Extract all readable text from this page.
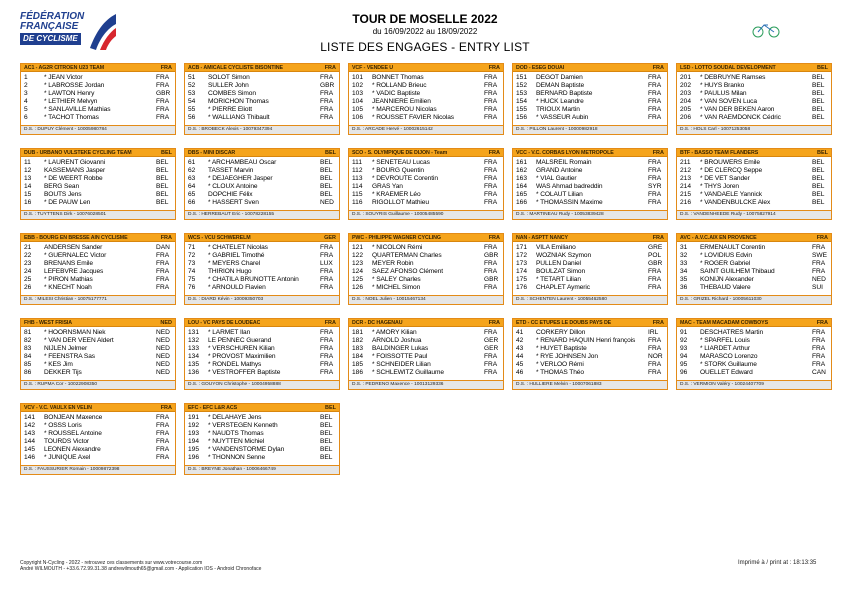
FÉDÉRATION
FRANÇAISE
DE CYCLISME
TOUR DE MOSELLE 2022
du 16/09/2022 au 18/09/2022
LISTE DES ENGAGES - ENTRY LIST
AC1 - AG2R CITROEN U23 TEAM	FRA
1	* JEAN Victor	FRA
2	* LABROSSE Jordan	FRA
3	* LAWTON Henry	GBR
4	* LETHIER Melvyn	FRA
5	* SANLAVILLE Mathias	FRA
6	* TACHOT Thomas	FRA
D.S. : DUPUY Clément - 10005980784
ACB - AMICALE CYCLISTE BISONTINE	FRA
51	SOLOT Simon	FRA
52	SULLER John	GBR
53	COMBES Simon	FRA
54	MORICHON Thomas	FRA
55	* PIERRE Eliott	FRA
56	* WALLIANG Thibault	FRA
D.S. : BROBECK Alexis - 10079347394
VCF - VENDÉE U	FRA
101	BONNET Thomas	FRA
102	* ROLLAND Brieuc	FRA
103	* VADIC Baptiste	FRA
104	JEANNIERE Emilien	FRA
105	* MARCEROU Nicolas	FRA
106	* ROUSSET FAVIER Nicolas	FRA
D.S. : ARCADE Hervé - 10002615142
DOD - ESEG DOUAI	FRA
151	DEGOT Damien	FRA
152	DEMAN Baptiste	FRA
153	BERNARD Baptiste	FRA
154	* HUCK Leandre	FRA
155	TRIOUX Martin	FRA
156	* VASSEUR Aubin	FRA
D.S. : PILLON Laurent - 10000982918
LSD - LOTTO SOUDAL DEVELOPMENT	BEL
201	* DEBRUYNE Ramses	BEL
202	* HUYS Branko	BEL
203	* PAULUS Milan	BEL
204	* VAN SOVEN Luca	BEL
205	* VAN DER BEKEN Aaron	BEL
206	* VAN RAEMDONCK Cédric	BEL
D.S. : HOLS Carl - 10071253058
DUB - URBANO VULSTEKE CYCLING TEAM	BEL
11	* LAURENT Giovanni	BEL
12	KASSEMANS Jasper	BEL
13	* DE WEERT Robbe	BEL
14	BERG Sean	BEL
15	BOUTS Jens	BEL
16	* DE PAUW Len	BEL
D.S. : TUYTTENS Dirk - 10076028501
DBS - MINI DISCAR	BEL
61	* ARCHAMBEAU Oscar	BEL
62	TASSET Marvin	BEL
63	* DEJAEGHER Jasper	BEL
64	* CLOUX Antoine	BEL
65	DOPCHIE Félix	BEL
66	* HASSERT Sven	NED
D.S. : HERREBAUT Eric - 10078228155
SCO - S. OLYMPIQUE DE DIJON - Team	FRA
111	* SENETEAU Lucas	FRA
112	* BOURG Quentin	FRA
113	* DEVROUTE Corentin	FRA
114	GRAS Yan	FRA
115	* KRAEMER Léo	FRA
116	RIGOLLOT Mathieu	FRA
D.S. : SOUYRIS Guillaume - 10005485590
VCC - V.C. CORBAS LYON METROPOLE	FRA
161	MALSREIL Romain	FRA
162	GRAND Antoine	FRA
163	* VIAL Gautier	FRA
164	WAS Ahmad badreddin	SYR
165	* COLAUT Lilian	FRA
166	* THOMASSIN Maxime	FRA
D.S. : MARTINEAU Rudy - 10053839428
BTF - BASSO TEAM FLANDERS	BEL
211	* BROUWERS Emile	BEL
212	* DE CLERCQ Seppe	BEL
213	* DE VET Sander	BEL
214	* THYS Joren	BEL
215	* VANDAELE Yannick	BEL
216	* VANDENBULCKE Alex	BEL
D.S. : VANDENHEEDE Rudy - 10075827914
EBB - BOURG EN BRESSE AIN CYCLISME	FRA
21	ANDERSEN Sander	DAN
22	* GUERNALEC Victor	FRA
23	BRENANS Emile	FRA
24	LEFEBVRE Jacques	FRA
25	* PIRON Mathias	FRA
26	* KNECHT Noah	FRA
D.S. : MILESI Christian - 10075177771
WCS - VCU SCHWERELM	GER
71	* CHATELET Nicolas	FRA
72	* GABRIEL Timothé	FRA
73	* MEYERS Charel	LUX
74	THIRION Hugo	FRA
75	* CHATILA BRUNOTTE Antonin	FRA
76	* ARNOULD Flavien	FRA
D.S. : DIARD Kévin - 10009350703
PWC - PHILIPPE WAGNER CYCLING	FRA
121	* NICOLON Rémi	FRA
122	QUARTERMAN Charles	GBR
123	MEYER Robin	FRA
124	SAEZ AFONSO Clément	FRA
125	* SALEY Charles	GBR
126	* MICHEL Simon	FRA
D.S. : NOEL Julien - 10015467134
NAN - ASPTT NANCY	FRA
171	VILA Emiliano	GRE
172	WOZNIAK Szymon	POL
173	PULLEN Daniel	GBR
174	BOULZAT Simon	FRA
175	* TETART Lilian	FRA
176	CHAPLET Aymeric	FRA
D.S. : SCHENTEN Laurent - 10055462580
AVC - A.V.C.AIX EN PROVENCE	FRA
31	ERMENAULT Corentin	FRA
32	* LOVIDIUS Edvin	SWE
33	* ROGER Gabriel	FRA
34	SAINT GUILHEM Thibaud	FRA
35	KONIJN Alexander	NED
36	THEBAUD Valere	SUI
D.S. : GRIZEL Richard - 10005611030
FHB - WEST FRISIA	NED
81	* HOORNSMAN Niek	NED
82	* VAN DER VEEN Aldert	NED
83	NIJLEN Jelmer	NED
84	* FEENSTRA Sas	NED
85	* KES Jim	NED
86	DEKKER Tijs	NED
D.S. : RUPMA Cor - 10022908350
LOU - VC PAYS DE LOUDEAC	FRA
131	* LARMET Ilan	FRA
132	LE PENNEC Guerand	FRA
133	* VERSCHUREN Kilian	FRA
134	* PROVOST Maximilien	FRA
135	* RONDEL Mathys	FRA
136	* VESTROFFER Baptiste	FRA
D.S. : GOUYON Christophe - 10004958888
DCR - DC HAGENAU	FRA
181	* AMORY Kilian	FRA
182	ARNOLD Joshua	GER
183	BALDINGER Lukas	GER
184	* FOISSOTTE Paul	FRA
185	* SCHNEIDER Lilian	FRA
186	* SCHLEWITZ Guillaume	FRA
D.S. : PEDRENO Maxence - 10013129336
ETD - CC ETUPES LE DOUBS PAYS DE	FRA
41	CORKERY Dillon	IRL
42	* RENARD HAQUIN Henri françois	FRA
43	* HUYET Baptiste	FRA
44	* RYE JOHNSEN Jon	NOR
45	* VERLOO Rémi	FRA
46	* THOMAS Théo	FRA
D.S. : HULLIERE Melvin - 10007061883
MAC - TEAM MACADAM COWBOYS	FRA
91	DESCHATRES Martin	FRA
92	* SPARFEL Louis	FRA
93	* LIARDET Arthur	FRA
94	MARASCO Lorenzo	FRA
95	* STORK Guillaume	FRA
96	OUELLET Edward	CAN
D.S. : VERMION Valéry - 10024407709
VCV - V.C. VAULX EN VELIN	FRA
141	BONJEAN Maxence	FRA
142	* OSSS Loris	FRA
143	* ROUSSEL Antoine	FRA
144	TOURDS Victor	FRA
145	LEONEN Alexandre	FRA
146	* JUNIQUE Axel	FRA
D.S. : FAUSSURIER Romain - 10009872398
EFC - EFC L&R ACS	BEL
191	* DELAHAYE Jens	BEL
192	* VERSTEGEN Kenneth	BEL
193	* NAUDTS Thomas	BEL
194	* NUYTTEN Michiel	BEL
195	* VANDENSTORME Dylan	BEL
196	* THONNON Senne	BEL
D.S. : BREYNE Jonathan - 10006466749
Copyright N-Cycling - 2022 - retrouvez ces classements sur www.votrecourse.com
André WILMOUTH - +33.6.72.99.31.38 andrewilmouth65@gmail.com - Application IOS - Android Chronoface
Imprimé à / print at : 18:13:35
